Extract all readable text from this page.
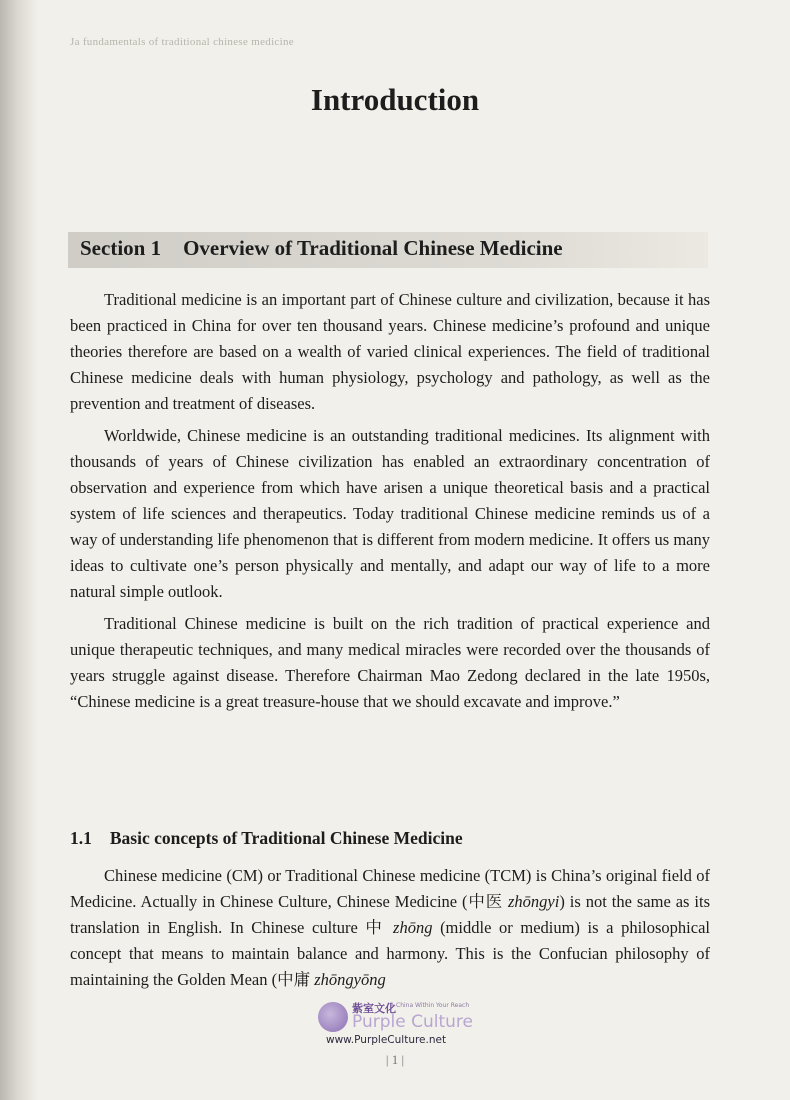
Ja fundamentals of traditional chinese medicine
Introduction
Section 1 Overview of Traditional Chinese Medicine

Traditional medicine is an important part of Chinese culture and civilization, because it has been practiced in China for over ten thousand years. Chinese medicine’s profound and unique theories therefore are based on a wealth of varied clinical experiences. The field of traditional Chinese medicine deals with human physiology, psychology and pathology, as well as the prevention and treatment of diseases.

Worldwide, Chinese medicine is an outstanding traditional medicines. Its alignment with thousands of years of Chinese civilization has enabled an extraordinary concentration of observation and experience from which have arisen a unique theoretical basis and a practical system of life sciences and therapeutics. Today traditional Chinese medicine reminds us of a way of understanding life phenomenon that is different from modern medicine. It offers us many ideas to cultivate one’s person physically and mentally, and adapt our way of life to a more natural simple outlook.

Traditional Chinese medicine is built on the rich tradition of practical experience and unique therapeutic techniques, and many medical miracles were recorded over the thousands of years struggle against disease. Therefore Chairman Mao Zedong declared in the late 1950s, “Chinese medicine is a great treasure-house that we should excavate and improve.”

1.1 Basic concepts of Traditional Chinese Medicine

Chinese medicine (CM) or Traditional Chinese medicine (TCM) is China’s original field of Medicine. Actually in Chinese Culture, Chinese Medicine (中医 zhōngyi) is not the same as its translation in English. In Chinese culture 中 zhōng (middle or medium) is a philosophical concept that means to maintain balance and harmony. This is the Confucian philosophy of maintaining the Golden Mean (中庸 zhōngyōng

紫室文化
A China Within Your Reach
Purple Culture
www.PurpleCulture.net
| 1 |
